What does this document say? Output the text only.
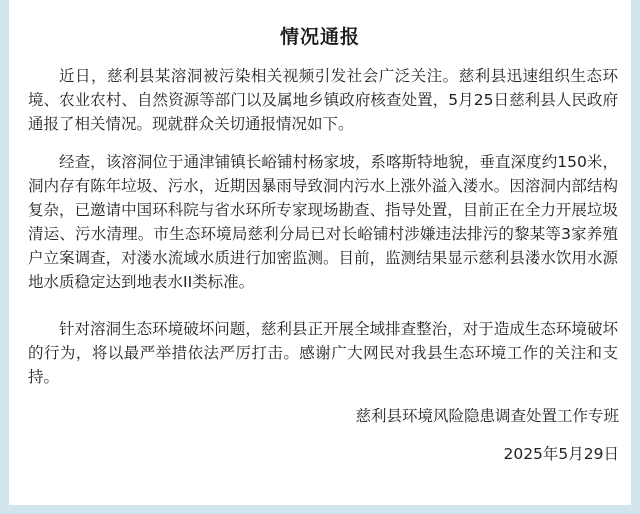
情况通报

近日，慈利县某溶洞被污染相关视频引发社会广泛关注。慈利县迅速组织生态环境、农业农村、自然资源等部门以及属地乡镇政府核查处置，5月25日慈利县人民政府通报了相关情况。现就群众关切通报情况如下。

经查，该溶洞位于通津铺镇长峪铺村杨家坡，系喀斯特地貌，垂直深度约150米，洞内存有陈年垃圾、污水，近期因暴雨导致洞内污水上涨外溢入溇水。因溶洞内部结构复杂，已邀请中国环科院与省水环所专家现场勘查、指导处置，目前正在全力开展垃圾清运、污水清理。市生态环境局慈利分局已对长峪铺村涉嫌违法排污的黎某等3家养殖户立案调查，对溇水流域水质进行加密监测。目前，监测结果显示慈利县溇水饮用水源地水质稳定达到地表水II类标准。

针对溶洞生态环境破坏问题，慈利县正开展全域排查整治，对于造成生态环境破坏的行为，将以最严举措依法严厉打击。感谢广大网民对我县生态环境工作的关注和支持。

慈利县环境风险隐患调查处置工作专班
2025年5月29日
